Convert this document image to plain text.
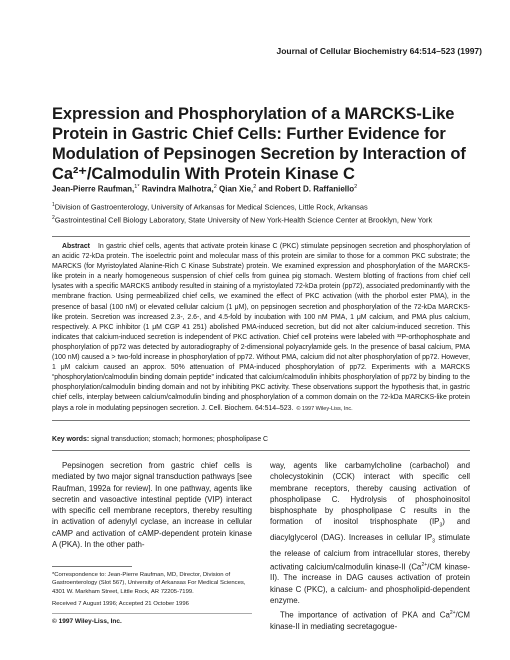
Journal of Cellular Biochemistry 64:514–523 (1997)
Expression and Phosphorylation of a MARCKS-Like Protein in Gastric Chief Cells: Further Evidence for Modulation of Pepsinogen Secretion by Interaction of Ca²⁺/Calmodulin With Protein Kinase C
Jean-Pierre Raufman,$^{1*}$ Ravindra Malhotra,$^2$ Qian Xie,$^2$ and Robert D. Raffaniello$^2$
$^1$Division of Gastroenterology, University of Arkansas for Medical Sciences, Little Rock, Arkansas
$^2$Gastrointestinal Cell Biology Laboratory, State University of New York-Health Science Center at Brooklyn, New York

Abstract In gastric chief cells, agents that activate protein kinase C (PKC) stimulate pepsinogen secretion and phosphorylation of an acidic 72-kDa protein. The isoelectric point and molecular mass of this protein are similar to those for a common PKC substrate; the MARCKS (for Myristoylated Alanine-Rich C Kinase Substrate) protein. We examined expression and phosphorylation of the MARCKS-like protein in a nearly homogeneous suspension of chief cells from guinea pig stomach. Western blotting of fractions from chief cell lysates with a specific MARCKS antibody resulted in staining of a myristoylated 72-kDa protein (pp72), associated predominantly with the membrane fraction. Using permeabilized chief cells, we examined the effect of PKC activation (with the phorbol ester PMA), in the presence of basal (100 nM) or elevated cellular calcium (1 μM), on pepsinogen secretion and phosphorylation of the 72-kDa MARCKS-like protein. Secretion was increased 2.3-, 2.6-, and 4.5-fold by incubation with 100 nM PMA, 1 μM calcium, and PMA plus calcium, respectively. A PKC inhibitor (1 μM CGP 41 251) abolished PMA-induced secretion, but did not alter calcium-induced secretion. This indicates that calcium-induced secretion is independent of PKC activation. Chief cell proteins were labeled with ³²P-orthophosphate and phosphorylation of pp72 was detected by autoradiography of 2-dimensional polyacrylamide gels. In the presence of basal calcium, PMA (100 nM) caused a > two-fold increase in phosphorylation of pp72. Without PMA, calcium did not alter phosphorylation of pp72. However, 1 μM calcium caused an approx. 50% attenuation of PMA-induced phosphorylation of pp72. Experiments with a MARCKS “phosphorylation/calmodulin binding domain peptide” indicated that calcium/calmodulin inhibits phosphorylation of pp72 by binding to the phosphorylation/calmodulin binding domain and not by inhibiting PKC activity. These observations support the hypothesis that, in gastric chief cells, interplay between calcium/calmodulin binding and phosphorylation of a common domain on the 72-kDa MARCKS-like protein plays a role in modulating pepsinogen secretion. J. Cell. Biochem. 64:514–523. © 1997 Wiley-Liss, Inc.

Key words: signal transduction; stomach; hormones; phospholipase C

Pepsinogen secretion from gastric chief cells is mediated by two major signal transduction pathways [see Raufman, 1992a for review]. In one pathway, agents like secretin and vasoactive intestinal peptide (VIP) interact with specific cell membrane receptors, thereby resulting in activation of adenylyl cyclase, an increase in cellular cAMP and activation of cAMP-dependent protein kinase A (PKA). In the other path-

way, agents like carbamylcholine (carbachol) and cholecystokinin (CCK) interact with specific cell membrane receptors, thereby causing activation of phospholipase C. Hydrolysis of phosphoinositol bisphosphate by phospholipase C results in the formation of inositol trisphosphate $(IP_3)$ and diacylglycerol (DAG). Increases in cellular $IP_3$ stimulate the release of calcium from intracellular stores, thereby activating calcium/calmodulin kinase-II ($Ca^{2+}/CM$ kinase-II). The increase in DAG causes activation of protein kinase C (PKC), a calcium- and phospholipid-dependent enzyme.

The importance of activation of PKA and $Ca^{2+}/CM$ kinase-II in mediating secretagogue-

*Correspondence to: Jean-Pierre Raufman, MD, Director, Division of Gastroenterology (Slot 567), University of Arkansas For Medical Sciences, 4301 W. Markham Street, Little Rock, AR 72205-7199.
Received 7 August 1996; Accepted 21 October 1996
© 1997 Wiley-Liss, Inc.
